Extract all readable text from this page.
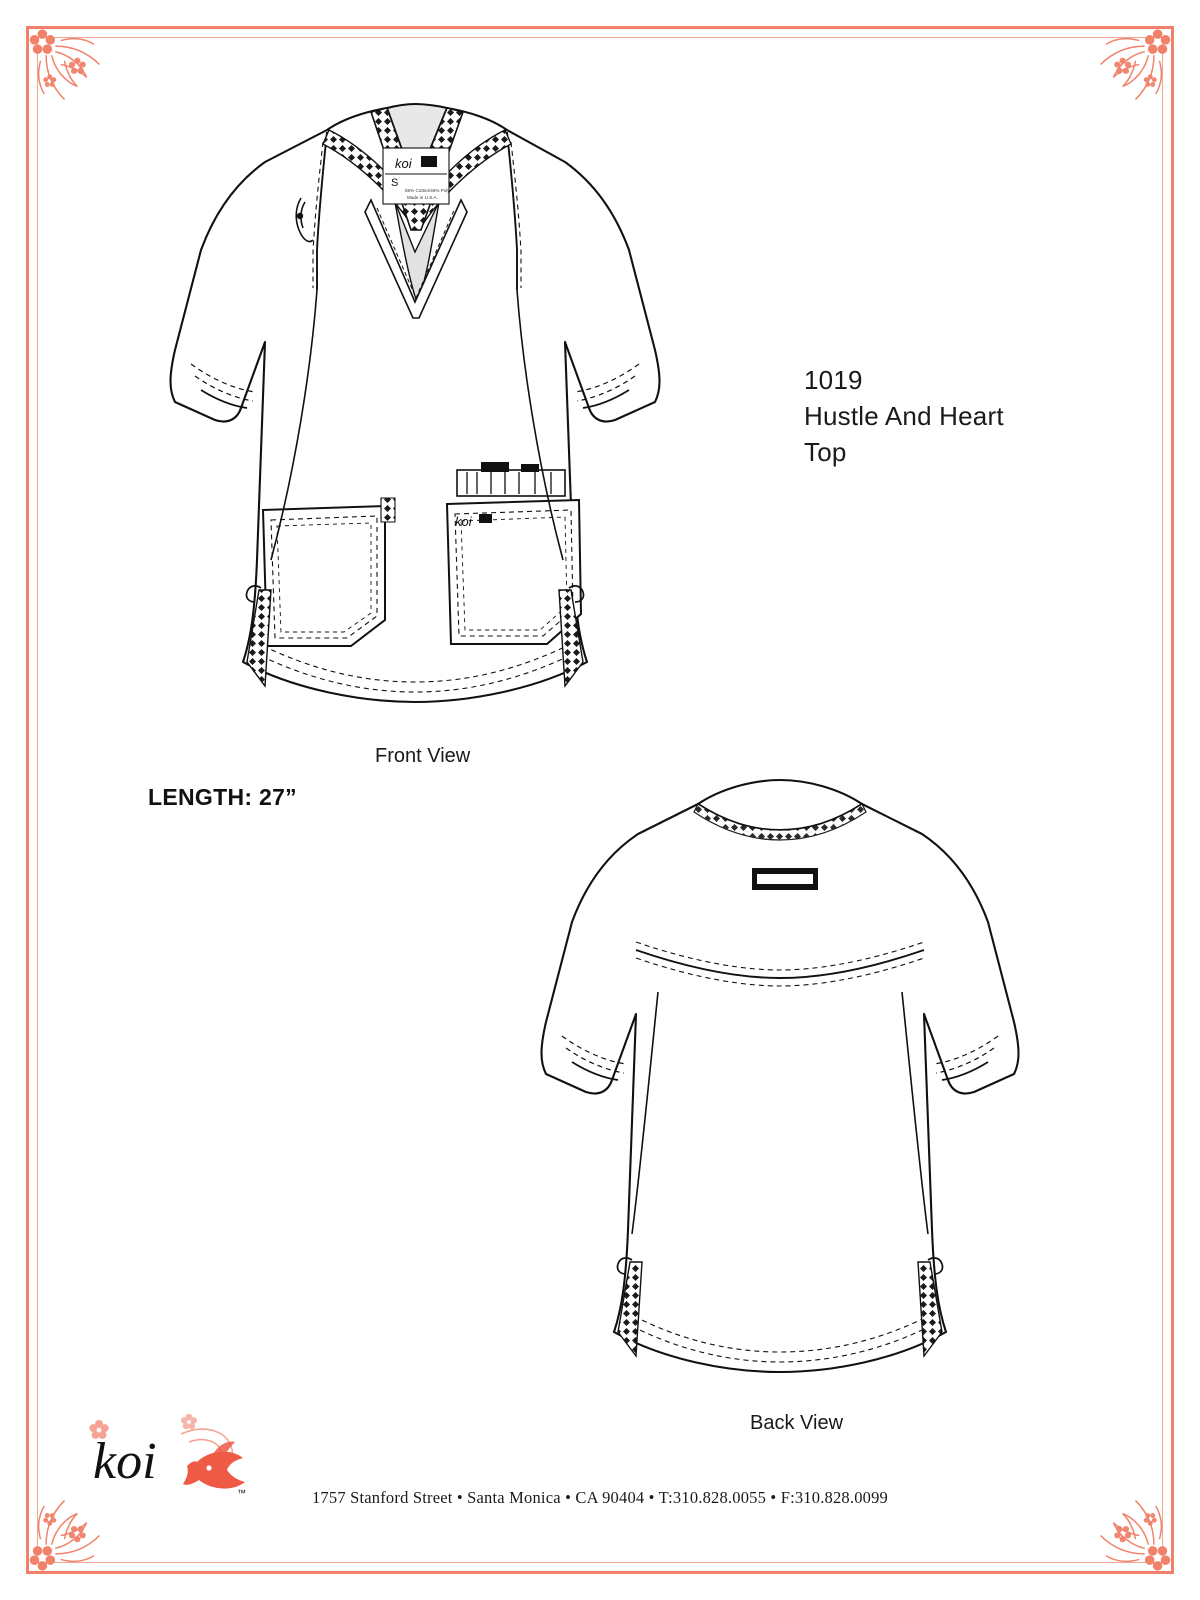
koi
S
55% Cotton/45% Poly
Made in U.S.A.
koi
1019
Hustle And Heart
Top
LENGTH: 27”
Front View
Back View
koi
™	1757 Stanford Street • Santa Monica • CA 90404 • T:310.828.0055 • F:310.828.0099
